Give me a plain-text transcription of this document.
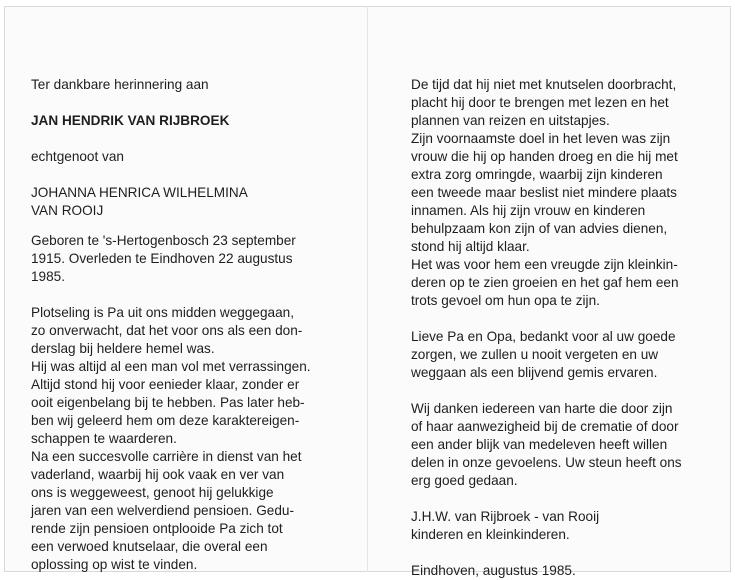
Ter dankbare herinnering aan

JAN HENDRIK VAN RIJBROEK

echtgenoot van

JOHANNA HENRICA WILHELMINA

VAN ROOIJ

Geboren te 's-Hertogenbosch 23 september

1915. Overleden te Eindhoven 22 augustus

1985.

Plotseling is Pa uit ons midden weggegaan,

zo onverwacht, dat het voor ons als een don-

derslag bij heldere hemel was.

Hij was altijd al een man vol met verrassingen.

Altijd stond hij voor eenieder klaar, zonder er

ooit eigenbelang bij te hebben. Pas later heb-

ben wij geleerd hem om deze karaktereigen-

schappen te waarderen.

Na een succesvolle carrière in dienst van het

vaderland, waarbij hij ook vaak en ver van

ons is weggeweest, genoot hij gelukkige

jaren van een welverdiend pensioen. Gedu-

rende zijn pensioen ontplooide Pa zich tot

een verwoed knutselaar, die overal een

oplossing op wist te vinden.

De tijd dat hij niet met knutselen doorbracht,

placht hij door te brengen met lezen en het

plannen van reizen en uitstapjes.

Zijn voornaamste doel in het leven was zijn

vrouw die hij op handen droeg en die hij met

extra zorg omringde, waarbij zijn kinderen

een tweede maar beslist niet mindere plaats

innamen. Als hij zijn vrouw en kinderen

behulpzaam kon zijn of van advies dienen,

stond hij altijd klaar.

Het was voor hem een vreugde zijn kleinkin-

deren op te zien groeien en het gaf hem een

trots gevoel om hun opa te zijn.

Lieve Pa en Opa, bedankt voor al uw goede

zorgen, we zullen u nooit vergeten en uw

weggaan als een blijvend gemis ervaren.

Wij danken iedereen van harte die door zijn

of haar aanwezigheid bij de crematie of door

een ander blijk van medeleven heeft willen

delen in onze gevoelens. Uw steun heeft ons

erg goed gedaan.

J.H.W. van Rijbroek - van Rooij

kinderen en kleinkinderen.

Eindhoven, augustus 1985.
